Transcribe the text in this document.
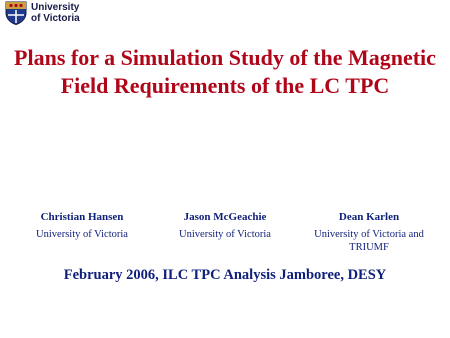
University
of Victoria
Plans for a Simulation Study of the Magnetic Field Requirements of the LC TPC
Christian Hansen
University of Victoria
Jason McGeachie
University of Victoria
Dean Karlen
University of Victoria and TRIUMF
February 2006, ILC TPC Analysis Jamboree, DESY
